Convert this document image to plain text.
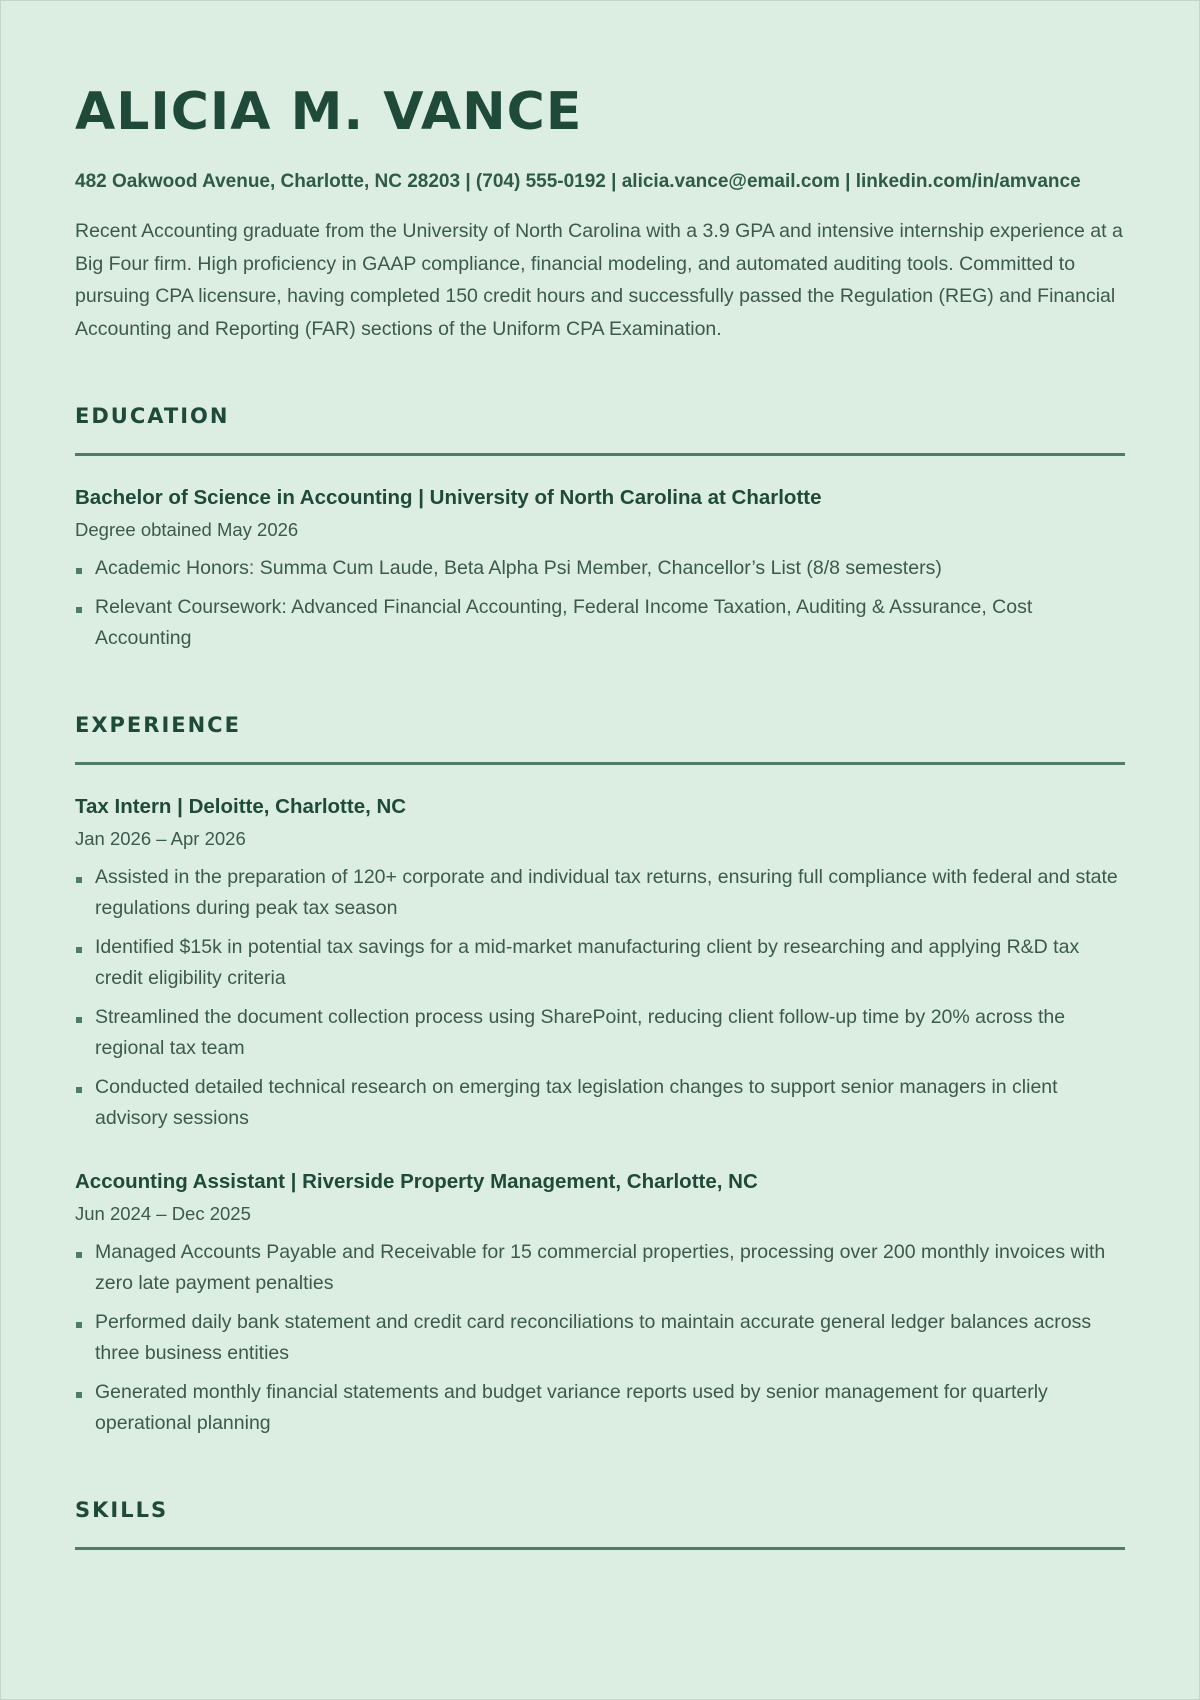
ALICIA M. VANCE
482 Oakwood Avenue, Charlotte, NC 28203 | (704) 555-0192 | alicia.vance@email.com | linkedin.com/in/amvance
Recent Accounting graduate from the University of North Carolina with a 3.9 GPA and intensive internship experience at a Big Four firm. High proficiency in GAAP compliance, financial modeling, and automated auditing tools. Committed to pursuing CPA licensure, having completed 150 credit hours and successfully passed the Regulation (REG) and Financial Accounting and Reporting (FAR) sections of the Uniform CPA Examination.
EDUCATION
Bachelor of Science in Accounting | University of North Carolina at Charlotte
Degree obtained May 2026
Academic Honors: Summa Cum Laude, Beta Alpha Psi Member, Chancellor’s List (8/8 semesters)
Relevant Coursework: Advanced Financial Accounting, Federal Income Taxation, Auditing & Assurance, Cost Accounting
EXPERIENCE
Tax Intern | Deloitte, Charlotte, NC
Jan 2026 – Apr 2026
Assisted in the preparation of 120+ corporate and individual tax returns, ensuring full compliance with federal and state regulations during peak tax season
Identified $15k in potential tax savings for a mid-market manufacturing client by researching and applying R&D tax credit eligibility criteria
Streamlined the document collection process using SharePoint, reducing client follow-up time by 20% across the regional tax team
Conducted detailed technical research on emerging tax legislation changes to support senior managers in client advisory sessions
Accounting Assistant | Riverside Property Management, Charlotte, NC
Jun 2024 – Dec 2025
Managed Accounts Payable and Receivable for 15 commercial properties, processing over 200 monthly invoices with zero late payment penalties
Performed daily bank statement and credit card reconciliations to maintain accurate general ledger balances across three business entities
Generated monthly financial statements and budget variance reports used by senior management for quarterly operational planning
SKILLS
